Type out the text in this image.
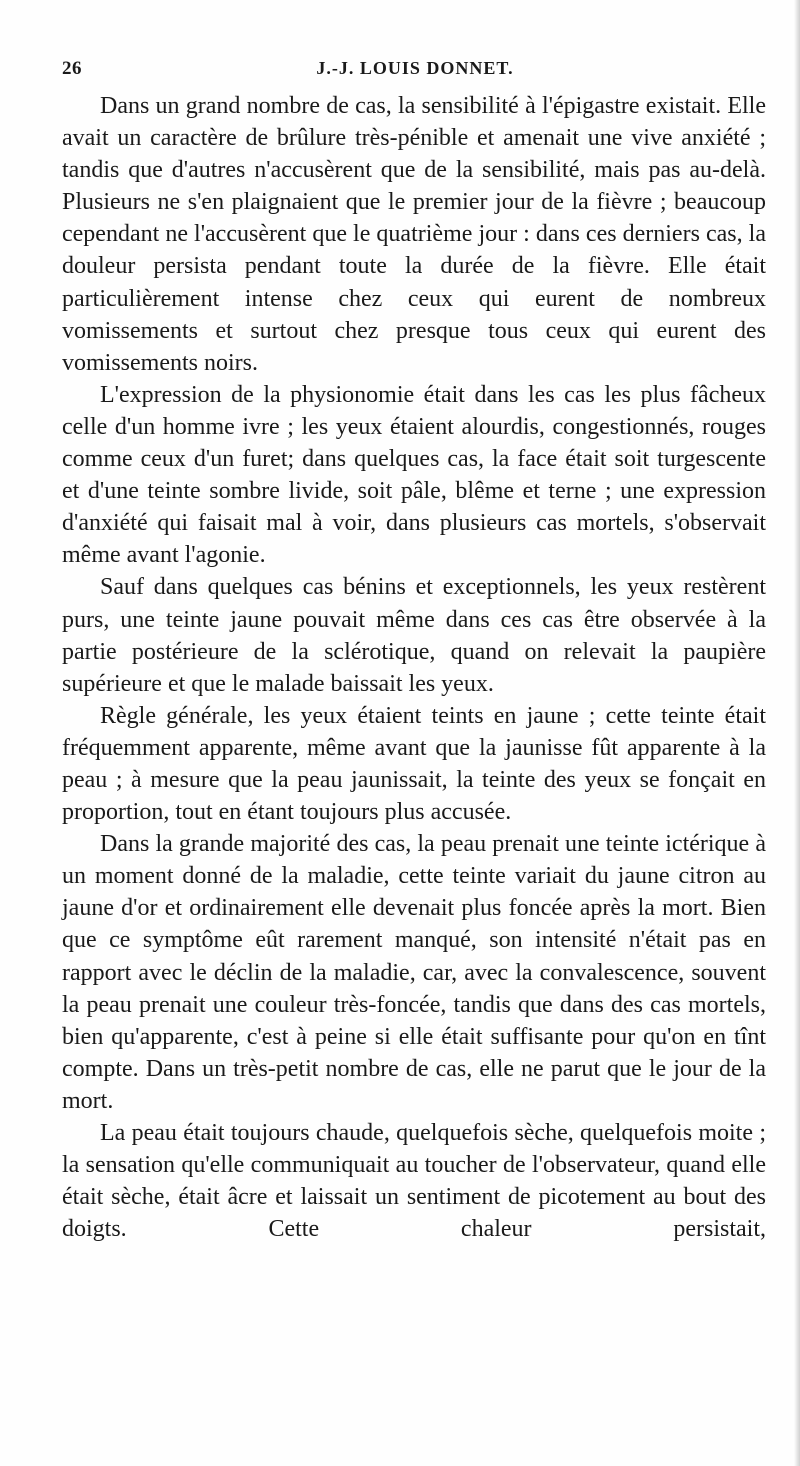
26	J.-J. LOUIS DONNET.

Dans un grand nombre de cas, la sensibilité à l'épigastre existait. Elle avait un caractère de brûlure très-pénible et amenait une vive anxiété ; tandis que d'autres n'accusèrent que de la sensibilité, mais pas au-delà. Plusieurs ne s'en plaignaient que le premier jour de la fièvre ; beaucoup cependant ne l'accusèrent que le quatrième jour : dans ces derniers cas, la douleur persista pendant toute la durée de la fièvre. Elle était particulièrement intense chez ceux qui eurent de nombreux vomissements et surtout chez presque tous ceux qui eurent des vomissements noirs.

L'expression de la physionomie était dans les cas les plus fâcheux celle d'un homme ivre ; les yeux étaient alourdis, congestionnés, rouges comme ceux d'un furet; dans quelques cas, la face était soit turgescente et d'une teinte sombre livide, soit pâle, blême et terne ; une expression d'anxiété qui faisait mal à voir, dans plusieurs cas mortels, s'observait même avant l'agonie.

Sauf dans quelques cas bénins et exceptionnels, les yeux restèrent purs, une teinte jaune pouvait même dans ces cas être observée à la partie postérieure de la sclérotique, quand on relevait la paupière supérieure et que le malade baissait les yeux.

Règle générale, les yeux étaient teints en jaune ; cette teinte était fréquemment apparente, même avant que la jaunisse fût apparente à la peau ; à mesure que la peau jaunissait, la teinte des yeux se fonçait en proportion, tout en étant toujours plus accusée.

Dans la grande majorité des cas, la peau prenait une teinte ictérique à un moment donné de la maladie, cette teinte variait du jaune citron au jaune d'or et ordinairement elle devenait plus foncée après la mort. Bien que ce symptôme eût rarement manqué, son intensité n'était pas en rapport avec le déclin de la maladie, car, avec la convalescence, souvent la peau prenait une couleur très-foncée, tandis que dans des cas mortels, bien qu'apparente, c'est à peine si elle était suffisante pour qu'on en tînt compte. Dans un très-petit nombre de cas, elle ne parut que le jour de la mort.

La peau était toujours chaude, quelquefois sèche, quelquefois moite ; la sensation qu'elle communiquait au toucher de l'observateur, quand elle était sèche, était âcre et laissait un sentiment de picotement au bout des doigts. Cette chaleur persistait,
